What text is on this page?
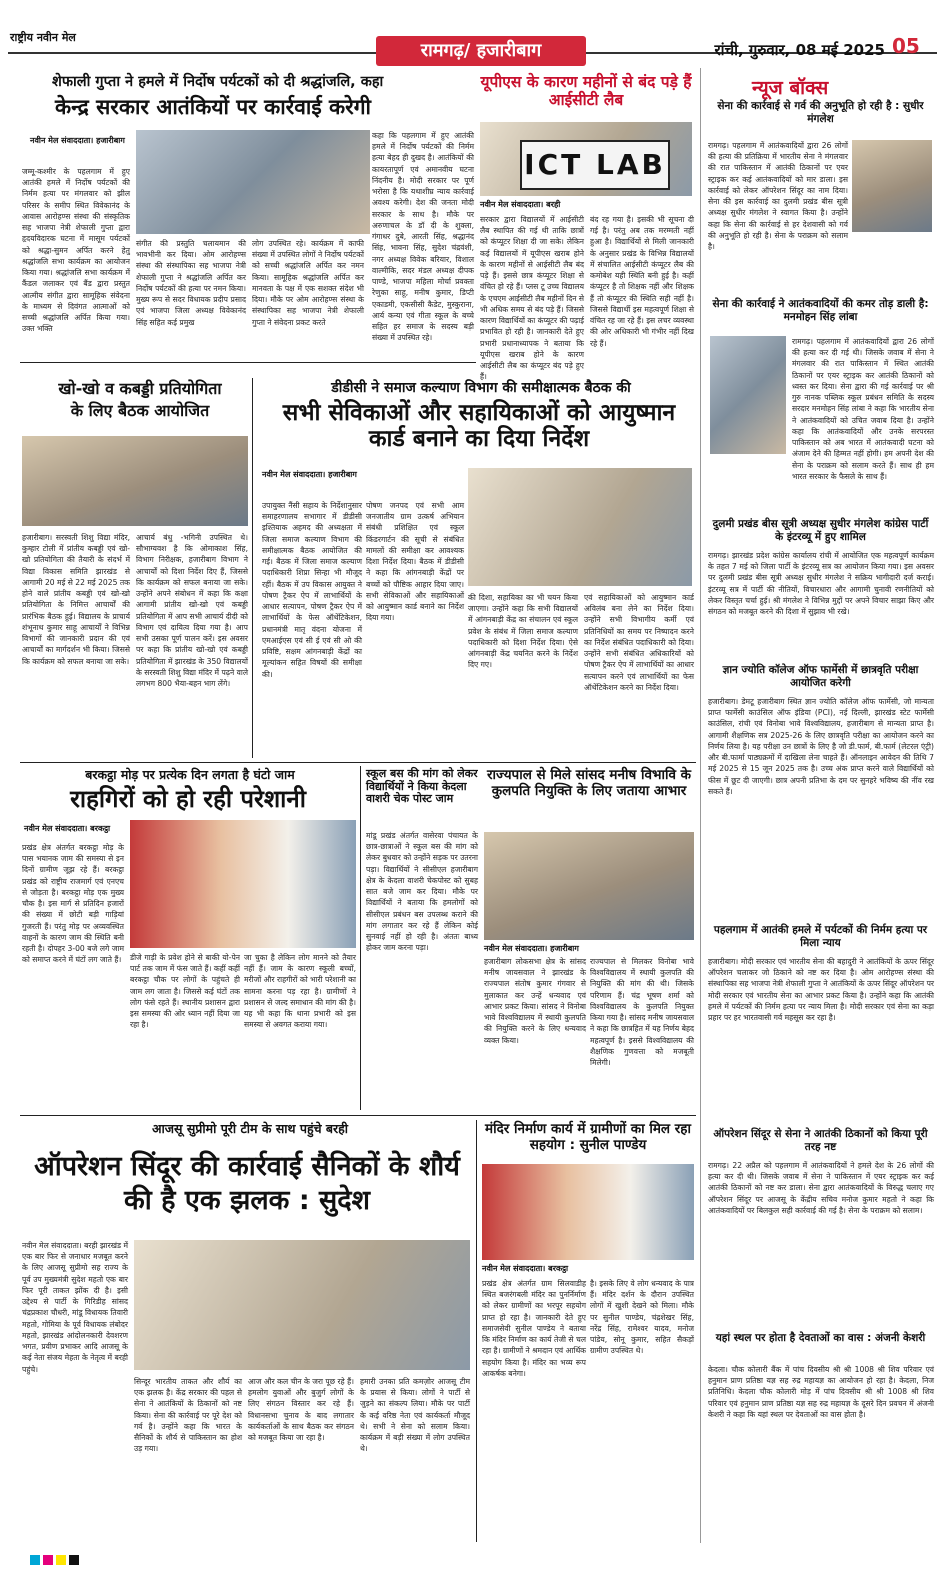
राष्ट्रीय नवीन मेल
रामगढ़/ हजारीबाग	रांची, गुरुवार, 08 मई 2025 05
शेफाली गुप्ता ने हमले में निर्दोष पर्यटकों को दी श्रद्धांजलि, कहा
केन्द्र सरकार आतंकियों पर कार्रवाई करेगी
नवीन मेल संवाददाता। हजारीबाग
जम्मू-कश्मीर के पहलगाम में हुए आतंकी हमले में निर्दोष पर्यटकों की निर्मम हत्या पर मंगलवार को झील परिसर के समीप स्थित विवेकानंद के आवास आरोहण्स संस्था की संस्कृतिक सह भाजपा नेत्री शेफाली गुप्ता द्वारा हृदयविदारक घटना में मासूम पर्यटकों को श्रद्धा-सुमन अर्पित करने हेतु श्रद्धांजलि सभा कार्यक्रम का आयोजन किया गया। श्रद्धांजलि सभा कार्यक्रम में कैंडल जलाकर एवं बैंड द्वारा प्रस्तुत आत्मीय संगीत द्वारा सामूहिक संवेदना के माध्यम से दिवंगत आत्माओं को सच्ची श्रद्धांजलि अर्पित किया गया। उक्त भक्ति
संगीत की प्रस्तुति चलायमान की भावभीनी कर दिया। ओम आरोहण्स संस्था की संस्थापिका सह भाजपा नेत्री शेफाली गुप्ता ने श्रद्धांजलि अर्पित कर निर्दोष पर्यटकों की हत्या पर नमन किया। मुख्य रूप से सदर विधायक प्रदीप प्रसाद एवं भाजपा जिला अध्यक्ष विवेकानंद सिंह सहित कई प्रमुख
लोग उपस्थित रहे। कार्यक्रम में काफी संख्या में उपस्थित लोगों ने निर्दोष पर्यटकों को सच्ची श्रद्धांजलि अर्पित कर नमन किया। सामूहिक श्रद्धांजलि अर्पित कर मानवता के पक्ष में एक सशक्त संदेश भी दिया। मौके पर ओम आरोहण्स संस्था के संस्थापिका सह भाजपा नेत्री शेफाली गुप्ता ने संवेदना प्रकट करते
कहा कि पहलगाम में हुए आतंकी हमले में निर्दोष पर्यटकों की निर्मम हत्या बेहद ही दुखद है। आतंकियों की कायरतापूर्ण एवं अमानवीय घटना निंदनीय है। मोदी सरकार पर पूर्ण भरोसा है कि यथाशीघ्र न्याय कार्रवाई अवश्य करेगी। देश की जनता मोदी सरकार के साथ है। मौके पर अरुणाचल के डॉ दी के शुक्ला, गंगाधर दुबे, आरती सिंह, श्रद्धानंद सिंह, भावना सिंह, सुदेश चंद्रवंशी, नगर अध्यक्ष विवेक बरियार, विशाल वाल्मीकि, सदर मंडल अध्यक्ष दीपक पाण्डे, भाजपा महिला मोर्चा प्रवक्ता रेणुका साहू, मनीष कुमार, डिप्टी एकाडमी, एकसीसी कैडेट, मुस्कुराना, आर्य कन्या एवं गीता स्कूल के बच्चे सहित हर समाज के सदस्य बड़ी संख्या में उपस्थित रहे।
यूपीएस के कारण महीनों से बंद पड़े हैं आईसीटी लैब
ICT LAB
नवीन मेल संवाददाता। बरही
सरकार द्वारा विद्यालयों में आईसीटी लैब स्थापित की गई थी ताकि छात्रों को कंप्यूटर शिक्षा दी जा सके। लेकिन कई विद्यालयों में यूपीएस खराब होने के कारण महीनों से आईसीटी लैब बंद पड़े हैं। इससे छात्र कंप्यूटर शिक्षा से वंचित हो रहे हैं। प्लस टू उच्च विद्यालय के एचएम आईसीटी लैब महीनों दिन से भी अधिक समय से बंद पड़े हैं। जिससे कारण विद्यार्थियों का कंप्यूटर की पढ़ाई प्रभावित हो रही है। जानकारी देते हुए प्रभारी प्रधानाध्यापक ने बताया कि यूपीएस खराब होने के कारण आईसीटी लैब का कंप्यूटर बंद पड़े हुए हैं।
बंद रह गया है। इसकी भी सूचना दी गई है। परंतु अब तक मरम्मती नहीं हुआ है। विद्यार्थियों से मिली जानकारी के अनुसार प्रखंड के विभिन्न विद्यालयों में संचालित आईसीटी कंप्यूटर लैब की कमोबेश यही स्थिति बनी हुई है। कहीं कंप्यूटर है तो शिक्षक नहीं और शिक्षक हैं तो कंप्यूटर की स्थिति सही नहीं है। जिससे विद्यार्थी इस महत्वपूर्ण शिक्षा से वंचित रह जा रहे हैं। इस लचर व्यवस्था की ओर अधिकारी भी गंभीर नहीं दिख रहे हैं।
न्यूज बॉक्स
सेना की कार्रवाई से गर्व की अनुभूति हो रही है : सुधीर मंगलेश
रामगढ़। पहलगाम में आतंकवादियों द्वारा 26 लोगों की हत्या की प्रतिक्रिया में भारतीय सेना ने मंगलवार की रात पाकिस्तान में आतंकी ठिकानों पर एयर स्ट्राइक कर कई आतंकवादियों को मार डाला। इस कार्रवाई को लेकर ऑपरेशन सिंदूर का नाम दिया। सेना की इस कार्रवाई का दुलमी प्रखंड बीस सूत्री अध्यक्ष सुधीर मंगलेश ने स्वागत किया है। उन्होंने कहा कि सेना की कार्रवाई से हर देशवासी को गर्व की अनुभूति हो रही है। सेना के पराक्रम को सलाम है।
सेना की कार्रवाई ने आतंकवादियों की कमर तोड़ डाली है: मनमोहन सिंह लांबा
रामगढ़। पहलगाम में आतंकवादियों द्वारा 26 लोगों की हत्या कर दी गई थी। जिसके जवाब में सेना ने मंगलवार की रात पाकिस्तान में स्थित आतंकी ठिकानों पर एयर स्ट्राइक कर आतंकी ठिकानों को ध्वस्त कर दिया। सेना द्वारा की गई कार्रवाई पर श्री गुरु नानक पब्लिक स्कूल प्रबंधन समिति के सदस्य सरदार मनमोहन सिंह लांबा ने कहा कि भारतीय सेना ने आतंकवादियों को उचित जवाब दिया है। उन्होंने कहा कि आतंकवादियों और उनके सरपरस्त पाकिस्तान को अब भारत में आतंकवादी घटना को अंजाम देने की हिम्मत नहीं होगी। हम अपनी देश की सेना के पराक्रम को सलाम करते हैं। साथ ही हम भारत सरकार के फैसले के साथ हैं।
दुलमी प्रखंड बीस सूत्री अध्यक्ष सुधीर मंगलेश कांग्रेस पार्टी के इंटरव्यू में हुए शामिल
रामगढ़। झारखंड प्रदेश कांग्रेस कार्यालय रांची में आयोजित एक महत्वपूर्ण कार्यक्रम के तहत 7 मई को जिला पार्टी के इंटरव्यू सत्र का आयोजन किया गया। इस अवसर पर दुलमी प्रखंड बीस सूत्री अध्यक्ष सुधीर मंगलेश ने सक्रिय भागीदारी दर्ज कराई। इंटरव्यू सत्र में पार्टी की नीतियों, विचारधारा और आगामी चुनावी रणनीतियों को लेकर विस्तृत चर्चा हुई। श्री मंगलेश ने विभिन्न मुद्दों पर अपने विचार साझा किए और संगठन को मजबूत करने की दिशा में सुझाव भी रखे।
ज्ञान ज्योति कॉलेज ऑफ फार्मेसी में छात्रवृति परीक्षा आयोजित करेगी
हजारीबाग। डेमटू हजारीबाग स्थित ज्ञान ज्योति कॉलेज ऑफ फार्मेसी, जो मान्यता प्राप्त फार्मेसी काउंसिल ऑफ इंडिया (PCI), नई दिल्ली, झारखंड स्टेट फार्मेसी काउंसिल, रांची एवं विनोबा भावे विश्वविद्यालय, हजारीबाग से मान्यता प्राप्त है। आगामी शैक्षणिक सत्र 2025-26 के लिए छात्रवृति परीक्षा का आयोजन करने का निर्णय लिया है। यह परीक्षा उन छात्रों के लिए है जो डी.फार्म, बी.फार्म (लेटरल एंट्री) और बी.फार्मा पाठ्यक्रमों में दाखिला लेना चाहते हैं। ऑनलाइन आवेदन की तिथि 7 मई 2025 से 15 जून 2025 तक है। उच्च अंक प्राप्त करने वाले विद्यार्थियों को फीस में छूट दी जाएगी। छात्र अपनी प्रतिभा के दम पर सुनहरे भविष्य की नींव रख सकते हैं।
पहलगाम में आतंकी हमले में पर्यटकों की निर्मम हत्या पर मिला न्याय
हजारीबाग। मोदी सरकार एवं भारतीय सेना की बहादुरी ने आतंकियों के ऊपर सिंदूर ऑपरेशन चलाकर जो ठिकाने को नष्ट कर दिया है। ओम आरोहण्स संस्था की संस्थापिका सह भाजपा नेत्री शेफाली गुप्ता ने आतंकियों के ऊपर सिंदूर ऑपरेशन पर मोदी सरकार एवं भारतीय सेना का आभार प्रकट किया है। उन्होंने कहा कि आतंकी हमले में पर्यटकों की निर्मम हत्या पर न्याय मिला है। मोदी सरकार एवं सेना का कड़ा प्रहार पर हर भारतवासी गर्व महसूस कर रहा है।
ऑपरेशन सिंदूर से सेना ने आतंकी ठिकानों को किया पूरी तरह नष्ट
रामगढ़। 22 अप्रैल को पहलगाम में आतंकवादियों ने हमले देश के 26 लोगों की हत्या कर दी थी। जिसके जवाब में सेना ने पाकिस्तान में एयर स्ट्राइक कर कई आतंकी ठिकानों को नष्ट कर डाला। सेना द्वारा आतंकवादियों के विरुद्ध चलाए गए ऑपरेशन सिंदूर पर आजसू के केंद्रीय सचिव मनोज कुमार महतो ने कहा कि आतंकवादियों पर बिलकुल सही कार्रवाई की गई है। सेना के पराक्रम को सलाम।
यहां स्थल पर होता है देवताओं का वास : अंजनी केशरी
केदला। चौक कोलारी बैंक में पांच दिवसीय श्री श्री 1008 श्री शिव परिवार एवं हनुमान प्राण प्रतिष्ठा यज्ञ सह रुद्र महायज्ञ का आयोजन हो रहा है। केदला, निज प्रतिनिधि। केदला चौक कोलारी मोड़ में पांच दिवसीय श्री श्री 1008 श्री शिव परिवार एवं हनुमान प्राण प्रतिष्ठा यज्ञ सह रुद्र महायज्ञ के दूसरे दिन प्रवचन में अंजनी केशरी ने कहा कि यहां स्थल पर देवताओं का वास होता है।
खो-खो व कबड्डी प्रतियोगिता
के लिए बैठक आयोजित
हजारीबाग। सरस्वती शिशु विद्या मंदिर, कुम्हार टोली में प्रांतीय कबड्डी एवं खो-खो प्रतियोगिता की तैयारी के संदर्भ में विद्या विकास समिति झारखंड से आगामी 20 मई से 22 मई 2025 तक होने वाले प्रांतीय कबड्डी एवं खो-खो प्रतियोगिता के निमित्त आचार्यों की प्रारंभिक बैठक हुई। विद्यालय के प्राचार्य शंभूनाथ कुमार साहू आचार्यों ने विभिन्न विभागों की जानकारी प्रदान की एवं आचार्यों का मार्गदर्शन भी किया। जिससे कि कार्यक्रम को सफल बनाया जा सके।
आचार्य बंधु -भगिनी उपस्थित थे। सौभाग्यवश है कि ओमाकाश सिंह, विभाग निरीक्षक, हजारीबाग विभाग ने आचार्यों को दिशा निर्देश दिए हैं, जिससे कि कार्यक्रम को सफल बनाया जा सके। उन्होंने अपने संबोधन में कहा कि कक्षा आगामी प्रांतीय खो-खो एवं कबड्डी प्रतियोगिता में आप सभी आचार्य दीदी को विभाग एवं दायित्व दिया गया है। आप सभी उसका पूर्ण पालन करें। इस अवसर पर कहा कि प्रांतीय खो-खो एवं कबड्डी प्रतियोगिता में झारखंड के 350 विद्यालयों के सरस्वती शिशु विद्या मंदिर में पढ़ने वाले लगभग 800 भैया-बहन भाग लेंगे।
डीडीसी ने समाज कल्याण विभाग की समीक्षात्मक बैठक की
सभी सेविकाओं और सहायिकाओं को आयुष्मान कार्ड बनाने का दिया निर्देश
नवीन मेल संवाददाता। हजारीबाग
उपायुक्त नैंसी सहाय के निर्देशानुसार समाहरणालय सभागार में डीडीसी इश्तियाक अहमद की अध्यक्षता में जिला समाज कल्याण विभाग की समीक्षात्मक बैठक आयोजित की गई। बैठक में जिला समाज कल्याण पदाधिकारी शिप्रा सिन्हा भी मौजूद रहीं। बैठक में उप विकास आयुक्त ने पोषण ट्रैकर ऐप में लाभार्थियों के आधार सत्यापन, पोषण ट्रैकर ऐप में लाभार्थियों के फेस ऑथेंटिकेशन, प्रधानमंत्री मातृ वंदना योजना में एमआईएस एवं सी ई एवं सी ओ की प्रविष्टि, सक्षम आंगनबाड़ी केंद्रों का मूल्यांकन सहित विषयों की समीक्षा की।
पोषण जनपद एवं सभी आम जनजातीय ग्राम उत्कर्ष अभियान संबंधी प्रशिक्षित एवं स्कूल किंडरगार्टन की सूची से संबंधित मामलों की समीक्षा कर आवश्यक दिशा निर्देश दिया। बैठक में डीडीसी ने कहा कि आंगनबाड़ी केंद्रों पर बच्चों को पौष्टिक आहार दिया जाए। सभी सेविकाओं और सहायिकाओं को आयुष्मान कार्ड बनाने का निर्देश दिया गया।
की दिशा, सहायिका का भी चयन किया जाएगा। उन्होंने कहा कि सभी विद्यालयों में आंगनबाड़ी केंद्र का संचालन एवं स्कूल प्रवेश के संबंध में जिला समाज कल्याण पदाधिकारी को दिशा निर्देश दिया। ऐसे आंगनबाड़ी केंद्र चयनित करने के निर्देश दिए गए।
एवं सहायिकाओं को आयुष्मान कार्ड अविलंब बना लेने का निर्देश दिया। उन्होंने सभी विभागीय कर्मी एवं प्रतिनिधियों का समय पर निष्पादन करने का निर्देश संबंधित पदाधिकारी को दिया। उन्होंने सभी संबंधित अधिकारियों को पोषण ट्रैकर ऐप में लाभार्थियों का आधार सत्यापन करने एवं लाभार्थियों का फेस ऑथेंटिकेशन करने का निर्देश दिया।
बरकट्ठा मोड़ पर प्रत्येक दिन लगता है घंटो जाम
राहगिरों को हो रही परेशानी
नवीन मेल संवाददाता। बरकट्ठा
प्रखंड क्षेत्र अंतर्गत बरकट्ठा मोड़ के पास भयानक जाम की समस्या से इन दिनों ग्रामीण जूझ रहे हैं। बरकट्ठा प्रखंड को राष्ट्रीय राजमार्ग एवं एनएच से जोड़ता है। बरकट्ठा मोड़ एक मुख्य चौक है। इस मार्ग से प्रतिदिन हजारों की संख्या में छोटी बड़ी गाड़ियां गुजरती हैं। परंतु मोड़ पर अव्यवस्थित वाहनों के कारण जाम की स्थिति बनी रहती है। दोपहर 3-00 बजे लगे जाम को समाप्त करने में घंटों लग जाते हैं।	डीजे गाड़ी के प्रवेश होने से बाकी यो-पेन पार्ट तक जाम में फंस जाते हैं। कहीं कहीं बरकट्ठा चौक पर लोगों के पहुंचते ही जाम लग जाता है। जिससे कई घंटों तक लोग फंसे रहते हैं। स्थानीय प्रशासन द्वारा इस समस्या की ओर ध्यान नहीं दिया जा रहा है।
जा चुका है लेकिन लोग मानने को तैयार नहीं हैं। जाम के कारण स्कूली बच्चों, मरीजों और राहगीरों को भारी परेशानी का सामना करना पड़ रहा है। ग्रामीणों ने प्रशासन से जल्द समाधान की मांग की है। यह भी कहा कि थाना प्रभारी को इस समस्या से अवगत कराया गया।
स्कूल बस की मांग को लेकर विद्यार्थियों ने किया केदला वाशरी चेक पोस्ट जाम
मांडू प्रखंड अंतर्गत वासेरवा पंचायत के छात्र-छात्राओं ने स्कूल बस की मांग को लेकर बुधवार को उन्होंने सड़क पर उतरना पड़ा। विद्यार्थियों ने सीसीएल हजारीबाग क्षेत्र के केदला वाशरी चेकपोस्ट को सुबह सात बजे जाम कर दिया। मौके पर विद्यार्थियों ने बताया कि हमलोगों को सीसीएल प्रबंधन बस उपलब्ध कराने की मांग लगातार कर रहे हैं लेकिन कोई सुनवाई नहीं हो रही है। अंततः बाध्य होकर जाम करना पड़ा।
राज्यपाल से मिले सांसद मनीष विभावि के कुलपति नियुक्ति के लिए जताया आभार
नवीन मेल संवाददाता। हजारीबाग
हजारीबाग लोकसभा क्षेत्र के सांसद मनीष जायसवाल ने झारखंड के राज्यपाल संतोष कुमार गंगवार से मुलाकात कर उन्हें धन्यवाद एवं आभार प्रकट किया। सांसद ने विनोबा भावे विश्वविद्यालय में स्थायी कुलपति की नियुक्ति करने के लिए धन्यवाद व्यक्त किया।
राज्यपाल से मिलकर विनोबा भावे विश्वविद्यालय में स्थायी कुलपति की नियुक्ति की मांग की थी। जिसके परिणाम हैं। चंद्र भूषण शर्मा को विश्वविद्यालय के कुलपति नियुक्त किया गया है। सांसद मनीष जायसवाल ने कहा कि छात्रहित में यह निर्णय बेहद महत्वपूर्ण है। इससे विश्वविद्यालय की शैक्षणिक गुणवत्ता को मजबूती मिलेगी।
आजसू सुप्रीमो पूरी टीम के साथ पहुंचे बरही
ऑपरेशन सिंदूर की कार्रवाई सैनिकों के शौर्य की है एक झलक : सुदेश
नवीन मेल संवाददाता। बरही झारखंड में एक बार फिर से जनाधार मजबूत करने के लिए आजसू सुप्रीमो सह राज्य के पूर्व उप मुख्यमंत्री सुदेश महतो एक बार फिर पूरी ताकत झोंक दी है। इसी उद्देश्य से पार्टी के गिरिडीह सांसद चंद्रप्रकाश चौधरी, मांडू विधायक तिवारी महतो, गोमिया के पूर्व विधायक लंबोदर महतो, झारखंड आंदोलनकारी देवशरण भगत, प्रवीण प्रभाकर आदि आजसू के कई नेता संजय मेहता के नेतृत्व में बरही पहुंचे।
सिन्दूर भारतीय ताकत और शौर्य का एक झलक है। केंद्र सरकार की पहल से सेना ने आतंकियों के ठिकानों को नष्ट किया। सेना की कार्रवाई पर पूरे देश को गर्व है। उन्होंने कहा कि भारत के सैनिकों के शौर्य से पाकिस्तान का होश उड़ गया।
आज और कल चीन के जरा पूछ रहे हैं। हमलोग युवाओं और बुजुर्ग लोगों के लिए संगठन विस्तार कर रहे हैं। विधानसभा चुनाव के बाद लगातार कार्यकर्ताओं के साथ बैठक कर संगठन को मजबूत किया जा रहा है।
हमारी उनका प्रति कमज़ोर आजसू टीम के प्रयास से किया। लोगों ने पार्टी से जुड़ने का संकल्प लिया। मौके पर पार्टी के कई वरिष्ठ नेता एवं कार्यकर्ता मौजूद थे। सभी ने सेना को सलाम किया। कार्यक्रम में बड़ी संख्या में लोग उपस्थित थे।
मंदिर निर्माण कार्य में ग्रामीणों का मिल रहा सहयोग : सुनील पाण्डेय
नवीन मेल संवाददाता। बरकट्ठा
प्रखंड क्षेत्र अंतर्गत ग्राम सिलवाडीह स्थित बजरंगबली मंदिर का पुनर्निर्माण को लेकर ग्रामीणों का भरपूर सहयोग प्राप्त हो रहा है। जानकारी देते हुए समाजसेवी सुनील पाण्डेय ने बताया कि मंदिर निर्माण का कार्य तेजी से चल रहा है। ग्रामीणों ने श्रमदान एवं आर्थिक सहयोग किया है। मंदिर का भव्य रूप आकर्षक बनेगा।
है। इसके लिए वे लोग धन्यवाद के पात्र हैं। मंदिर दर्शन के दौरान उपस्थित लोगों में खुशी देखने को मिला। मौके पर सुनील पाण्डेय, चंद्रशेखर सिंह, नरेंद्र सिंह, रामेश्वर यादव, मनोज पांडेय, सोनू कुमार, सहित सैकड़ों ग्रामीण उपस्थित थे।
